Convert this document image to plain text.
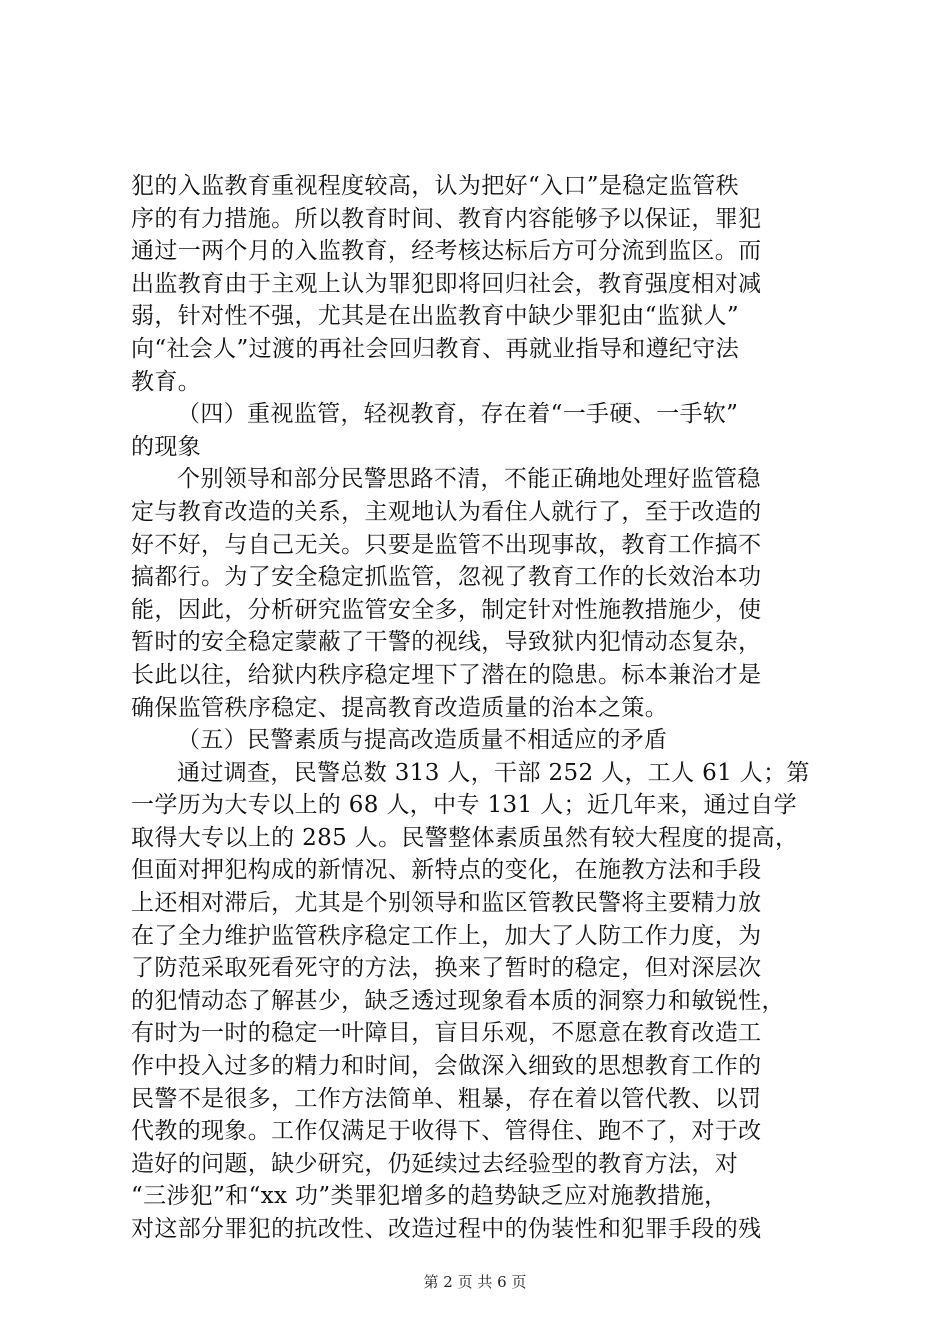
犯的入监教育重视程度较高，认为把好“入口”是稳定监管秩
序的有力措施。所以教育时间、教育内容能够予以保证，罪犯
通过一两个月的入监教育，经考核达标后方可分流到监区。而
出监教育由于主观上认为罪犯即将回归社会，教育强度相对减
弱，针对性不强，尤其是在出监教育中缺少罪犯由“监狱人”
向“社会人”过渡的再社会回归教育、再就业指导和遵纪守法
教育。
（四）重视监管，轻视教育，存在着“一手硬、一手软”
的现象
个别领导和部分民警思路不清，不能正确地处理好监管稳
定与教育改造的关系，主观地认为看住人就行了，至于改造的
好不好，与自己无关。只要是监管不出现事故，教育工作搞不
搞都行。为了安全稳定抓监管，忽视了教育工作的长效治本功
能，因此，分析研究监管安全多，制定针对性施教措施少，使
暂时的安全稳定蒙蔽了干警的视线，导致狱内犯情动态复杂，
长此以往，给狱内秩序稳定埋下了潜在的隐患。标本兼治才是
确保监管秩序稳定、提高教育改造质量的治本之策。
（五）民警素质与提高改造质量不相适应的矛盾
通过调查，民警总数 313 人，干部 252 人，工人 61 人；第
一学历为大专以上的 68 人，中专 131 人；近几年来，通过自学
取得大专以上的 285 人。民警整体素质虽然有较大程度的提高，
但面对押犯构成的新情况、新特点的变化，在施教方法和手段
上还相对滞后，尤其是个别领导和监区管教民警将主要精力放
在了全力维护监管秩序稳定工作上，加大了人防工作力度，为
了防范采取死看死守的方法，换来了暂时的稳定，但对深层次
的犯情动态了解甚少，缺乏透过现象看本质的洞察力和敏锐性，
有时为一时的稳定一叶障目，盲目乐观，不愿意在教育改造工
作中投入过多的精力和时间，会做深入细致的思想教育工作的
民警不是很多，工作方法简单、粗暴，存在着以管代教、以罚
代教的现象。工作仅满足于收得下、管得住、跑不了，对于改
造好的问题，缺少研究，仍延续过去经验型的教育方法，对
“三涉犯”和“xx 功”类罪犯增多的趋势缺乏应对施教措施，
对这部分罪犯的抗改性、改造过程中的伪装性和犯罪手段的残
第 2 页 共 6 页
